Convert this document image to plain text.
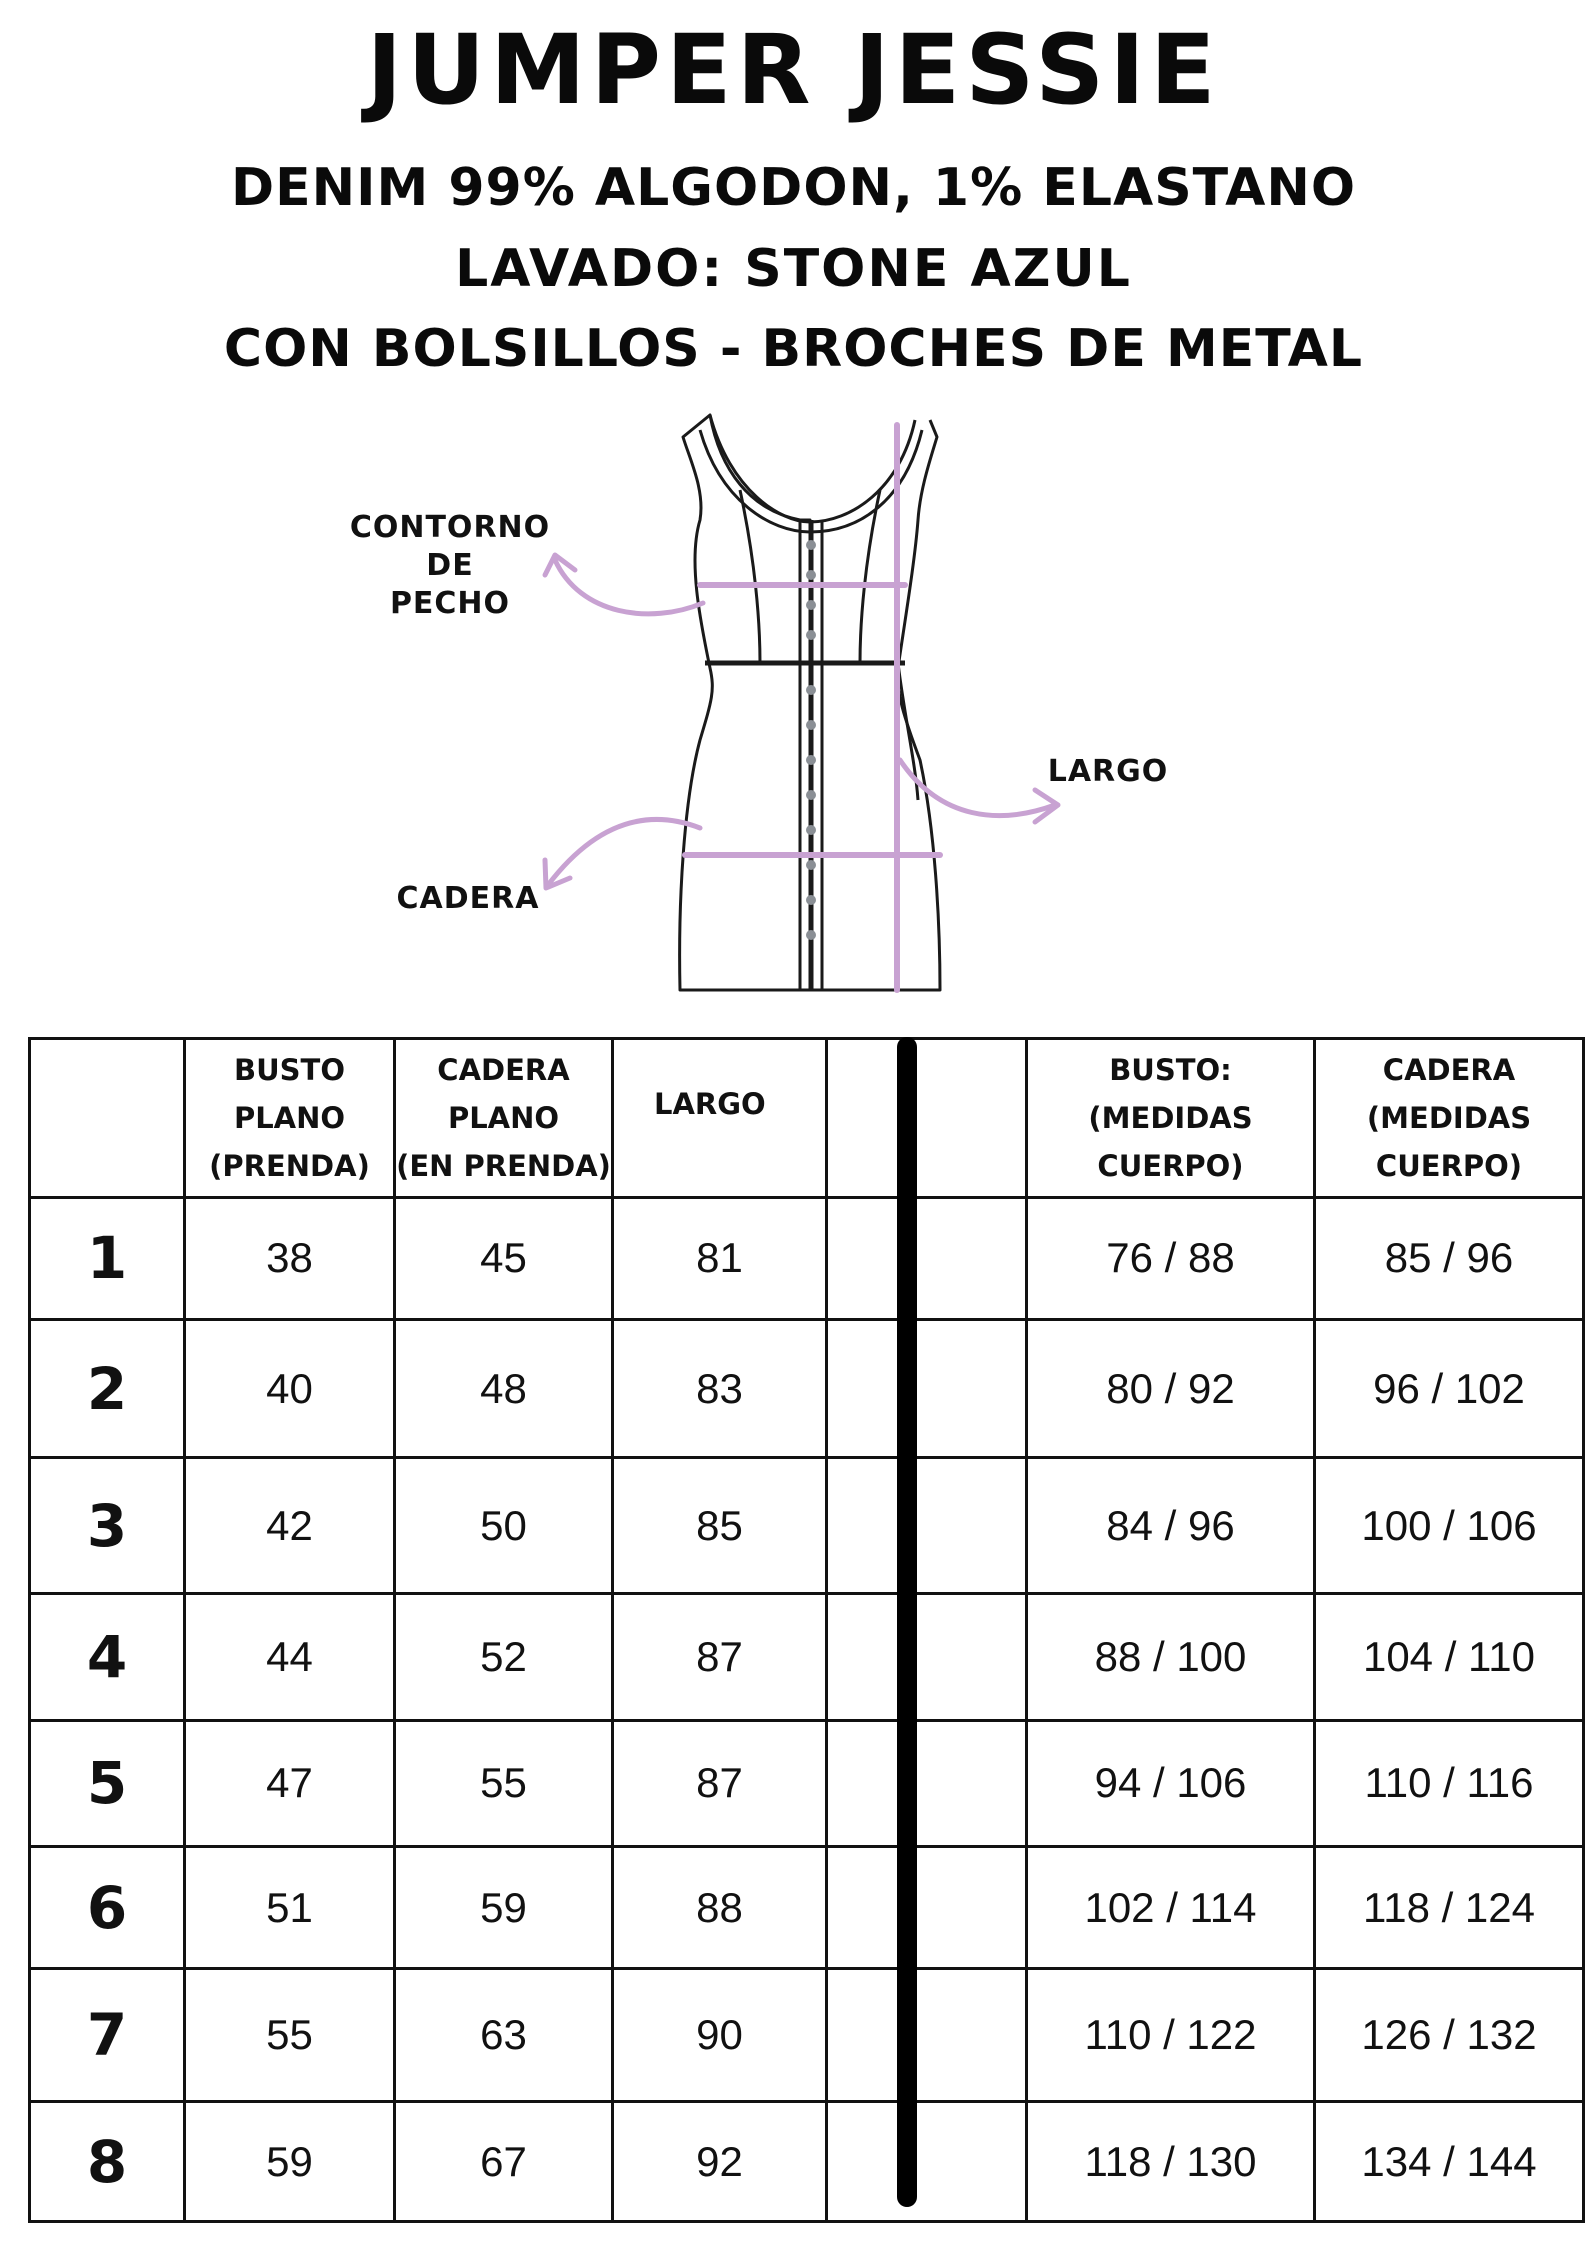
JUMPER JESSIE
DENIM 99% ALGODON, 1% ELASTANO
LAVADO: STONE AZUL
CON BOLSILLOS - BROCHES DE METAL
CONTORNO DE
PECHO
LARGO
CADERA

	BUSTO
PLANO
(PRENDA)	CADERA
PLANO
(EN PRENDA)	LARGO		BUSTO:
(MEDIDAS
CUERPO)	CADERA
(MEDIDAS
CUERPO)

1	38	45	81		76 / 88	85 / 96
2	40	48	83		80 / 92	96 / 102
3	42	50	85		84 / 96	100 / 106
4	44	52	87		88 / 100	104 / 110
5	47	55	87		94 / 106	110 / 116
6	51	59	88		102 / 114	118 / 124
7	55	63	90		110 / 122	126 / 132
8	59	67	92		118 / 130	134 / 144
